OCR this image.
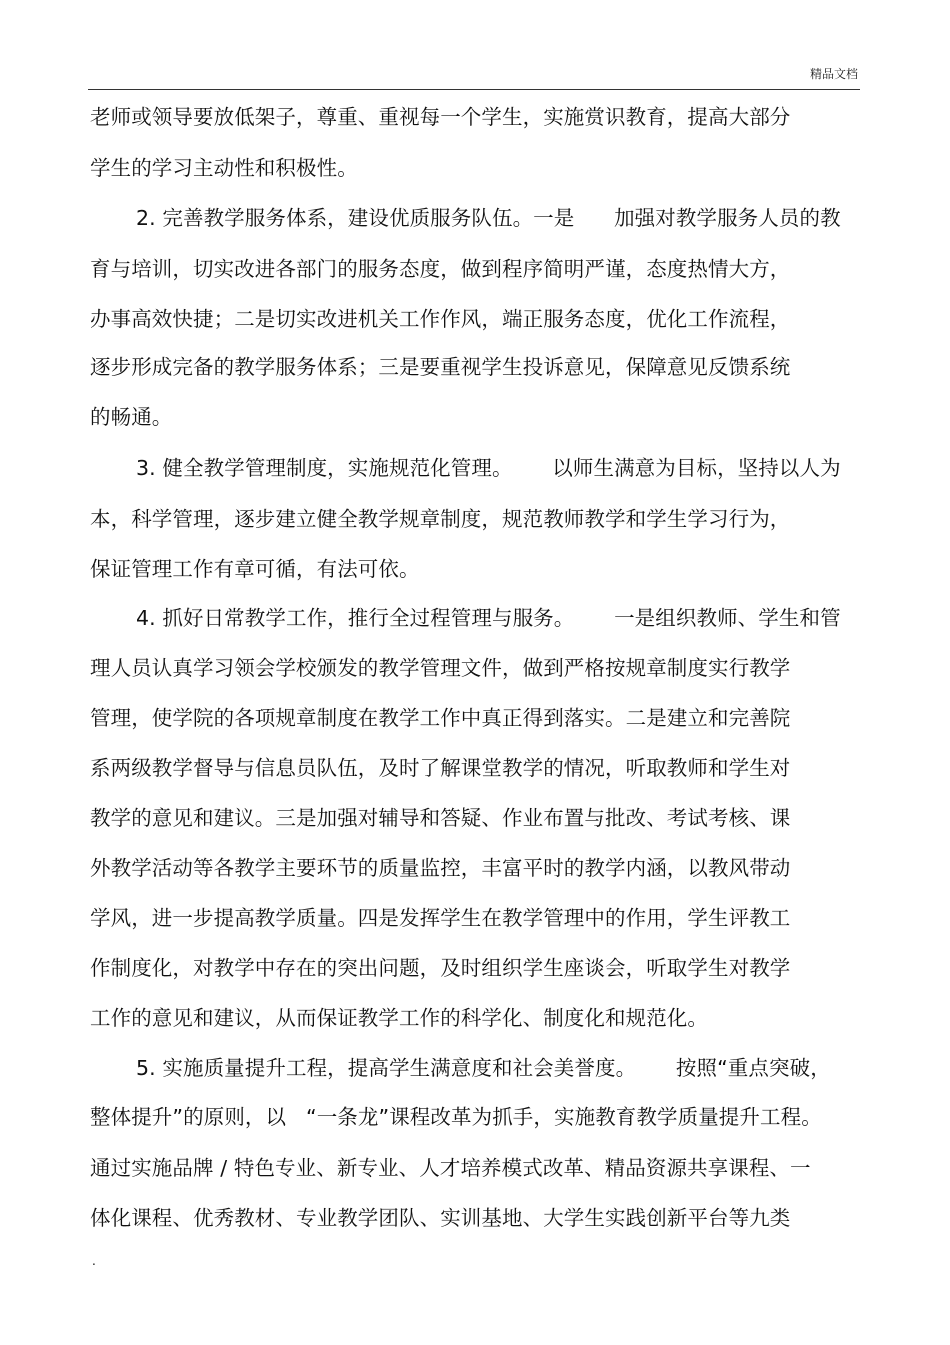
精品文档
老师或领导要放低架子，尊重、重视每一个学生，实施赏识教育，提高大部分
学生的学习主动性和积极性。
2. 完善教学服务体系，建设优质服务队伍。一是      加强对教学服务人员的教
育与培训，切实改进各部门的服务态度，做到程序简明严谨，态度热情大方，
办事高效快捷；二是切实改进机关工作作风，端正服务态度，优化工作流程，
逐步形成完备的教学服务体系；三是要重视学生投诉意见，保障意见反馈系统
的畅通。
3. 健全教学管理制度，实施规范化管理。      以师生满意为目标，坚持以人为
本，科学管理，逐步建立健全教学规章制度，规范教师教学和学生学习行为，
保证管理工作有章可循，有法可依。
4. 抓好日常教学工作，推行全过程管理与服务。      一是组织教师、学生和管
理人员认真学习领会学校颁发的教学管理文件，做到严格按规章制度实行教学
管理，使学院的各项规章制度在教学工作中真正得到落实。二是建立和完善院
系两级教学督导与信息员队伍，及时了解课堂教学的情况，听取教师和学生对
教学的意见和建议。三是加强对辅导和答疑、作业布置与批改、考试考核、课
外教学活动等各教学主要环节的质量监控，丰富平时的教学内涵，以教风带动
学风，进一步提高教学质量。四是发挥学生在教学管理中的作用，学生评教工
作制度化，对教学中存在的突出问题，及时组织学生座谈会，听取学生对教学
工作的意见和建议，从而保证教学工作的科学化、制度化和规范化。
5. 实施质量提升工程，提高学生满意度和社会美誉度。      按照“重点突破，
整体提升”的原则，以   “一条龙”课程改革为抓手，实施教育教学质量提升工程。
通过实施品牌 / 特色专业、新专业、人才培养模式改革、精品资源共享课程、一
体化课程、优秀教材、专业教学团队、实训基地、大学生实践创新平台等九类
.
